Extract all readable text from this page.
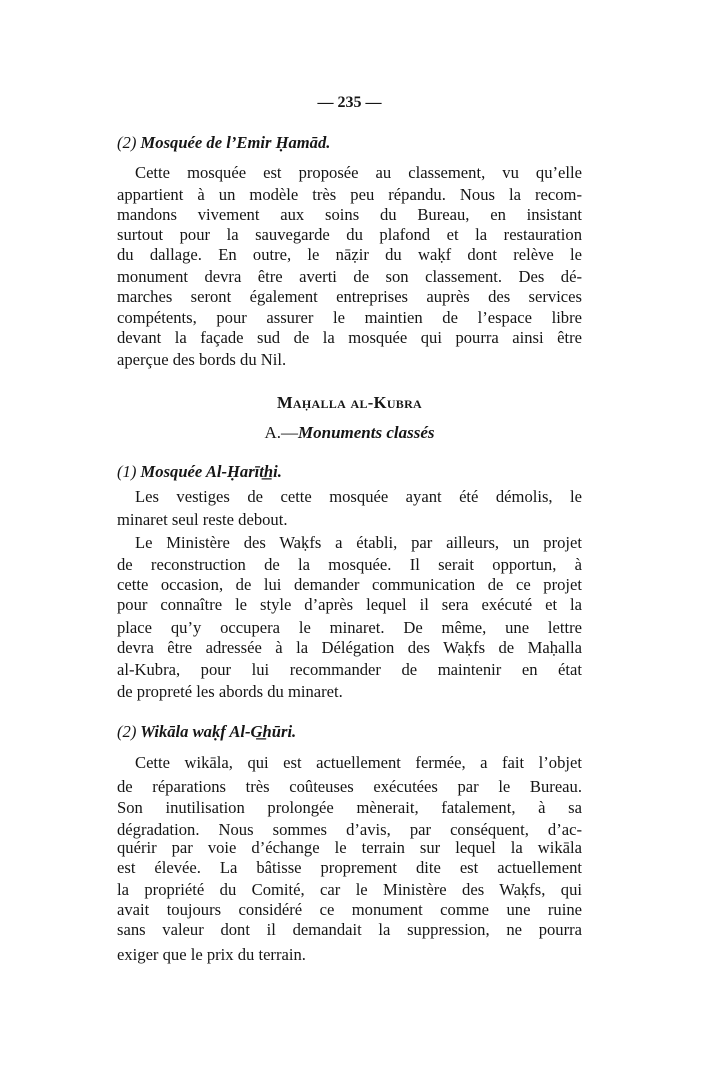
— 235 —
(2) Mosquée de l’Emir Ḥamād.
Cette mosquée est proposée au classement, vu qu’elle
appartient à un modèle très peu répandu. Nous la recom-
mandons vivement aux soins du Bureau, en insistant
surtout pour la sauvegarde du plafond et la restauration
du dallage. En outre, le nāẓir du waḳf dont relève le
monument devra être averti de son classement. Des dé-
marches seront également entreprises auprès des services
compétents, pour assurer le maintien de l’espace libre
devant la façade sud de la mosquée qui pourra ainsi être
aperçue des bords du Nil.
Maḥalla al-Kubra
A.—Monuments classés
(1) Mosquée Al-Ḥarīt͟hi.
Les vestiges de cette mosquée ayant été démolis, le
minaret seul reste debout.
Le Ministère des Waḳfs a établi, par ailleurs, un projet
de reconstruction de la mosquée. Il serait opportun, à
cette occasion, de lui demander communication de ce projet
pour connaître le style d’après lequel il sera exécuté et la
place qu’y occupera le minaret. De même, une lettre
devra être adressée à la Délégation des Waḳfs de Maḥalla
al-Kubra, pour lui recommander de maintenir en état
de propreté les abords du minaret.
(2) Wikāla waḳf Al-G͟hūri.
Cette wikāla, qui est actuellement fermée, a fait l’objet
de réparations très coûteuses exécutées par le Bureau.
Son inutilisation prolongée mènerait, fatalement, à sa
dégradation. Nous sommes d’avis, par conséquent, d’ac-
quérir par voie d’échange le terrain sur lequel la wikāla
est élevée. La bâtisse proprement dite est actuellement
la propriété du Comité, car le Ministère des Waḳfs, qui
avait toujours considéré ce monument comme une ruine
sans valeur dont il demandait la suppression, ne pourra
exiger que le prix du terrain.
